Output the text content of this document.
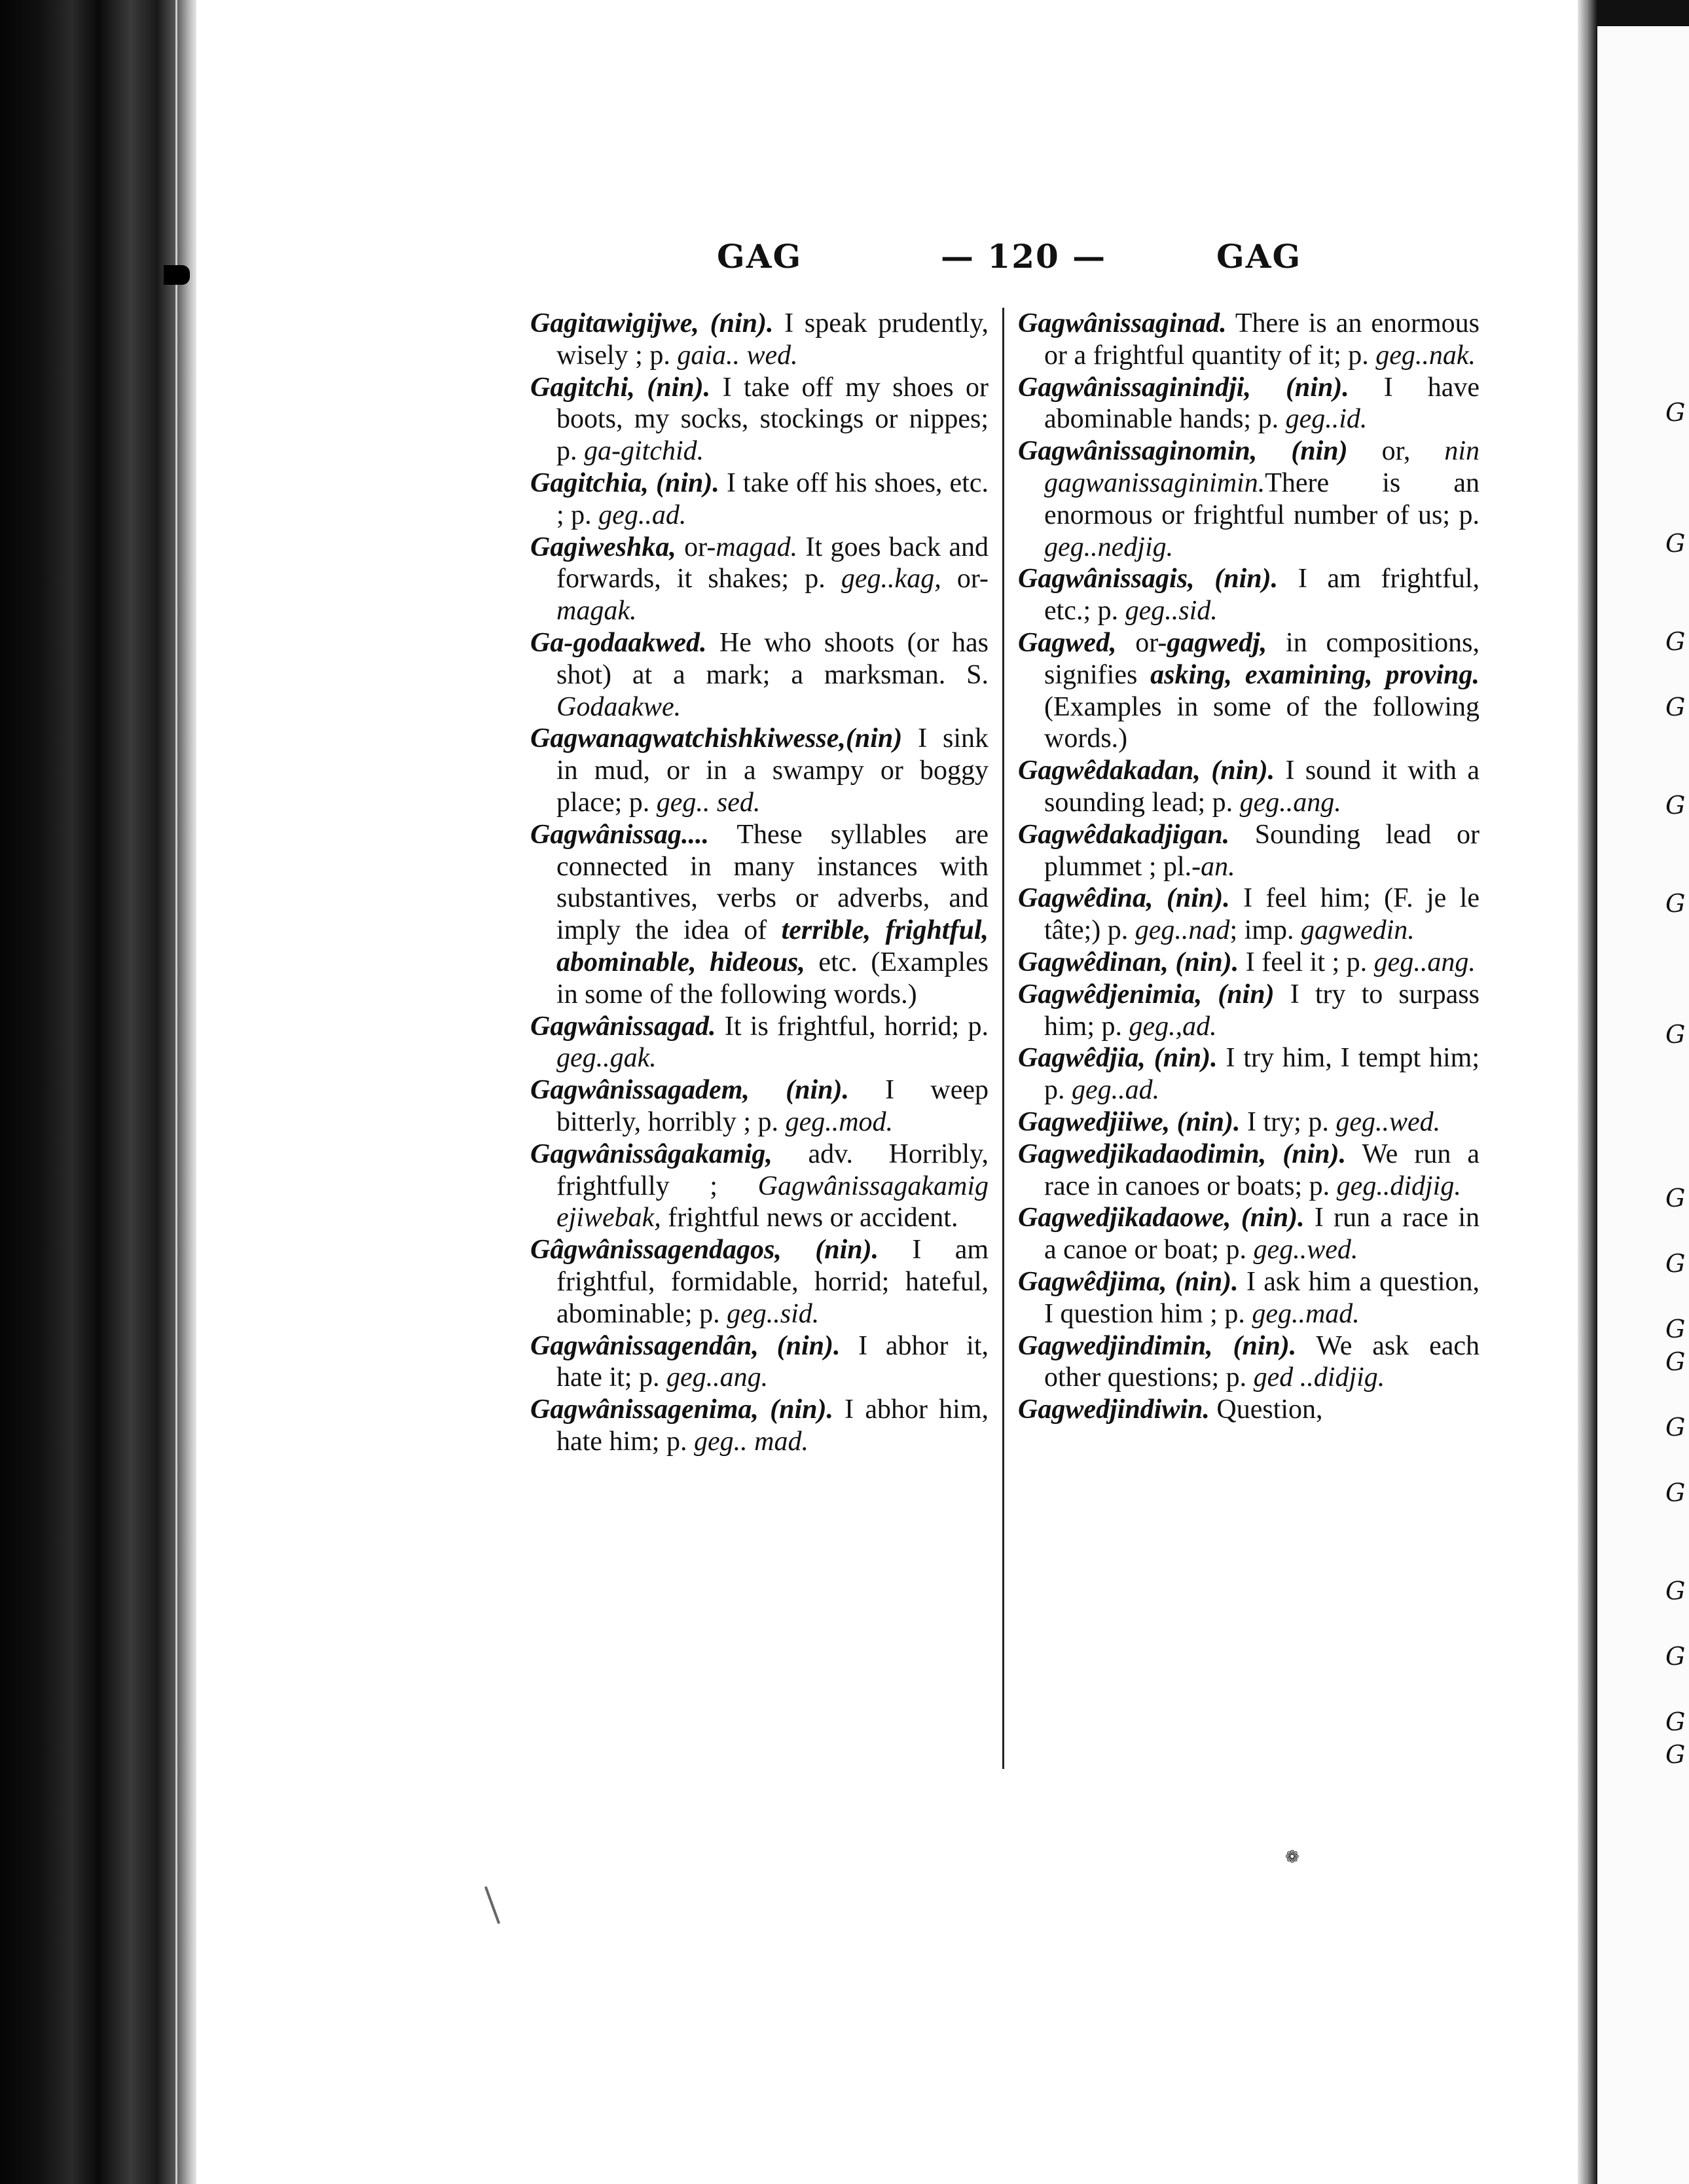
G
G
G
G
G
G
G
G
G
G
G
G
G
G
G
G
G
❁
GAG	— 120 —	GAG
Gagitawigijwe, (nin). I speak prudently, wisely ; p. gaia.. wed.
Gagitchi, (nin). I take off my shoes or boots, my socks, stockings or nippes; p. ga-gitchid.
Gagitchia, (nin). I take off his shoes, etc. ; p. geg..ad.
Gagiweshka, or-magad. It goes back and forwards, it shakes; p. geg..kag, or-magak.
Ga-godaakwed. He who shoots (or has shot) at a mark; a marksman. S. Godaakwe.
Gagwanagwatchishkiwesse,(nin) I sink in mud, or in a swampy or boggy place; p. geg.. sed.
Gagwânissag.... These syllables are connected in many instances with substantives, verbs or adverbs, and imply the idea of terrible, frightful, abominable, hideous, etc. (Examples in some of the following words.)
Gagwânissagad. It is frightful, horrid; p. geg..gak.
Gagwânissagadem, (nin). I weep bitterly, horribly ; p. geg..mod.
Gagwânissâgakamig, adv. Horribly, frightfully ; Gagwânissagakamig ejiwebak, frightful news or accident.
Gâgwânissagendagos, (nin). I am frightful, formidable, horrid; hateful, abominable; p. geg..sid.
Gagwânissagendân, (nin). I abhor it, hate it; p. geg..ang.
Gagwânissagenima, (nin). I abhor him, hate him; p. geg.. mad.
Gagwânissaginad. There is an enormous or a frightful quantity of it; p. geg..nak.
Gagwânissaginindji, (nin). I have abominable hands; p. geg..id.
Gagwânissaginomin, (nin) or, nin gagwanissaginimin.There is an enormous or frightful number of us; p. geg..nedjig.
Gagwânissagis, (nin). I am frightful, etc.; p. geg..sid.
Gagwed, or-gagwedj, in compositions, signifies asking, examining, proving. (Examples in some of the following words.)
Gagwêdakadan, (nin). I sound it with a sounding lead; p. geg..ang.
Gagwêdakadjigan. Sounding lead or plummet ; pl.-an.
Gagwêdina, (nin). I feel him; (F. je le tâte;) p. geg..nad; imp. gagwedin.
Gagwêdinan, (nin). I feel it ; p. geg..ang.
Gagwêdjenimia, (nin) I try to surpass him; p. geg.,ad.
Gagwêdjia, (nin). I try him, I tempt him; p. geg..ad.
Gagwedjiiwe, (nin). I try; p. geg..wed.
Gagwedjikadaodimin, (nin). We run a race in canoes or boats; p. geg..didjig.
Gagwedjikadaowe, (nin). I run a race in a canoe or boat; p. geg..wed.
Gagwêdjima, (nin). I ask him a question, I question him ; p. geg..mad.
Gagwedjindimin, (nin). We ask each other questions; p. ged ..didjig.
Gagwedjindiwin. Question,
